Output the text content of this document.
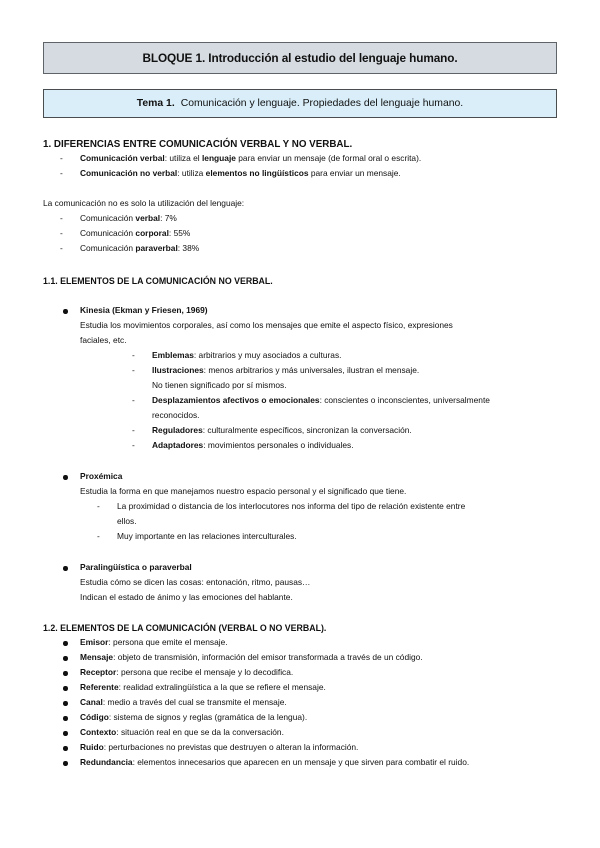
BLOQUE 1. Introducción al estudio del lenguaje humano.
Tema 1. Comunicación y lenguaje. Propiedades del lenguaje humano.
1. DIFERENCIAS ENTRE COMUNICACIÓN VERBAL Y NO VERBAL.
- Comunicación verbal: utiliza el lenguaje para enviar un mensaje (de formal oral o escrita).
- Comunicación no verbal: utiliza elementos no lingüísticos para enviar un mensaje.
La comunicación no es solo la utilización del lenguaje:
- Comunicación verbal: 7%
- Comunicación corporal: 55%
- Comunicación paraverbal: 38%
1.1. ELEMENTOS DE LA COMUNICACIÓN NO VERBAL.
Kinesia (Ekman y Friesen, 1969)
Estudia los movimientos corporales, así como los mensajes que emite el aspecto físico, expresiones
faciales, etc.
- Emblemas: arbitrarios y muy asociados a culturas.
- Ilustraciones: menos arbitrarios y más universales, ilustran el mensaje.
No tienen significado por sí mismos.
- Desplazamientos afectivos o emocionales: conscientes o inconscientes, universalmente
reconocidos.
- Reguladores: culturalmente específicos, sincronizan la conversación.
- Adaptadores: movimientos personales o individuales.
Proxémica
Estudia la forma en que manejamos nuestro espacio personal y el significado que tiene.
- La proximidad o distancia de los interlocutores nos informa del tipo de relación existente entre
ellos.
- Muy importante en las relaciones interculturales.
Paralingüística o paraverbal
Estudia cómo se dicen las cosas: entonación, ritmo, pausas…
Indican el estado de ánimo y las emociones del hablante.
1.2. ELEMENTOS DE LA COMUNICACIÓN (VERBAL O NO VERBAL).
Emisor: persona que emite el mensaje.
Mensaje: objeto de transmisión, información del emisor transformada a través de un código.
Receptor: persona que recibe el mensaje y lo decodifica.
Referente: realidad extralingüística a la que se refiere el mensaje.
Canal: medio a través del cual se transmite el mensaje.
Código: sistema de signos y reglas (gramática de la lengua).
Contexto: situación real en que se da la conversación.
Ruido: perturbaciones no previstas que destruyen o alteran la información.
Redundancia: elementos innecesarios que aparecen en un mensaje y que sirven para combatir el ruido.
